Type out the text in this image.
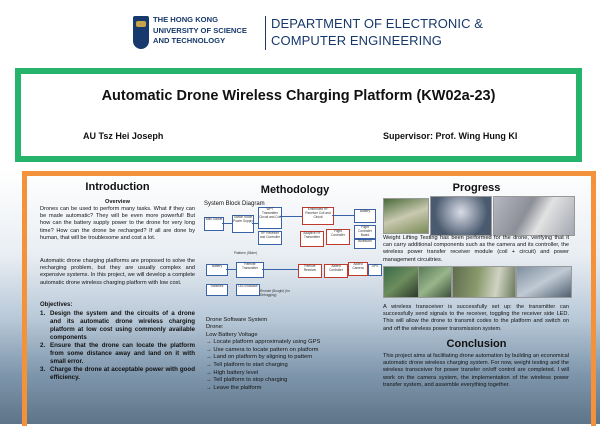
THE HONG KONG
UNIVERSITY OF SCIENCE
AND TECHNOLOGY
DEPARTMENT OF ELECTRONIC &
COMPUTER ENGINEERING
Automatic Drone Wireless Charging Platform (KW02a-23)
AU Tsz Hei Joseph	Supervisor: Prof. Wing Hung KI
Introduction
Overview
Drones can be used to perform many tasks. What if they can be made automatic? They will be even more powerful! But how can the battery supply power to the drone for very long time? How can the drone be recharged? If all are done by human, that will be troublesome and cost a lot.
Automatic drone charging platforms are proposed to solve the recharging problem, but they are usually complex and expensive systems. In this project, we will develop a complete automatic drone wireless charging platform with low cost.
Objectives:
1. Design the system and the circuits of a drone and its automatic drone wireless charging platform at low cost using commonly available components
2. Ensure that the drone can locate the platform from some distance away and land on it with small error.
3. Charge the drone at acceptable power with good efficiency.
Methodology
System Block Diagram
Wall Socket	Switch Mode Power Supply
WPT Transmitter Circuit and Coil
RF Receiver and Controller
Platform (Slider)
Embedded RF Receiver Coil and Circuit
Battery
Adaptive RF Transmitter
Flight Controller
Flight Controller Board
Bluetooth
Battery	Remote Transmitter
Switches	LED Indicator
Remote Receiver
Added Controller
Added Camera	GPS
Remote (Bought) (for Debugging)
Drone Software System
Drone:
Low Battery Voltage
→ Locate platform approximately using GPS
→ Use camera to locate pattern on platform
→ Land on platform by aligning to pattern
→ Tell platform to start charging
→ High battery level
→ Tell platform to stop charging
→ Leave the platform
Progress
Weight Lifting Testing has been performed for the drone, verifying that it can carry additional components such as the camera and its controller, the wireless power transfer receiver module (coil + circuit) and power management circuitries.
A wireless transceiver is successfully set up: the transmitter can successfully send signals to the receiver, toggling the receiver side LED. This will allow the drone to transmit codes to the platform and switch on and off the wireless power transmission system.
Conclusion
This project aims at facilitating drone automation by building an economical automatic drone wireless charging system. For now, weight testing and the wireless transceiver for power transfer on/off control are completed. I will work on the camera system, the implementation of the wireless power transfer system, and assemble everything together.
